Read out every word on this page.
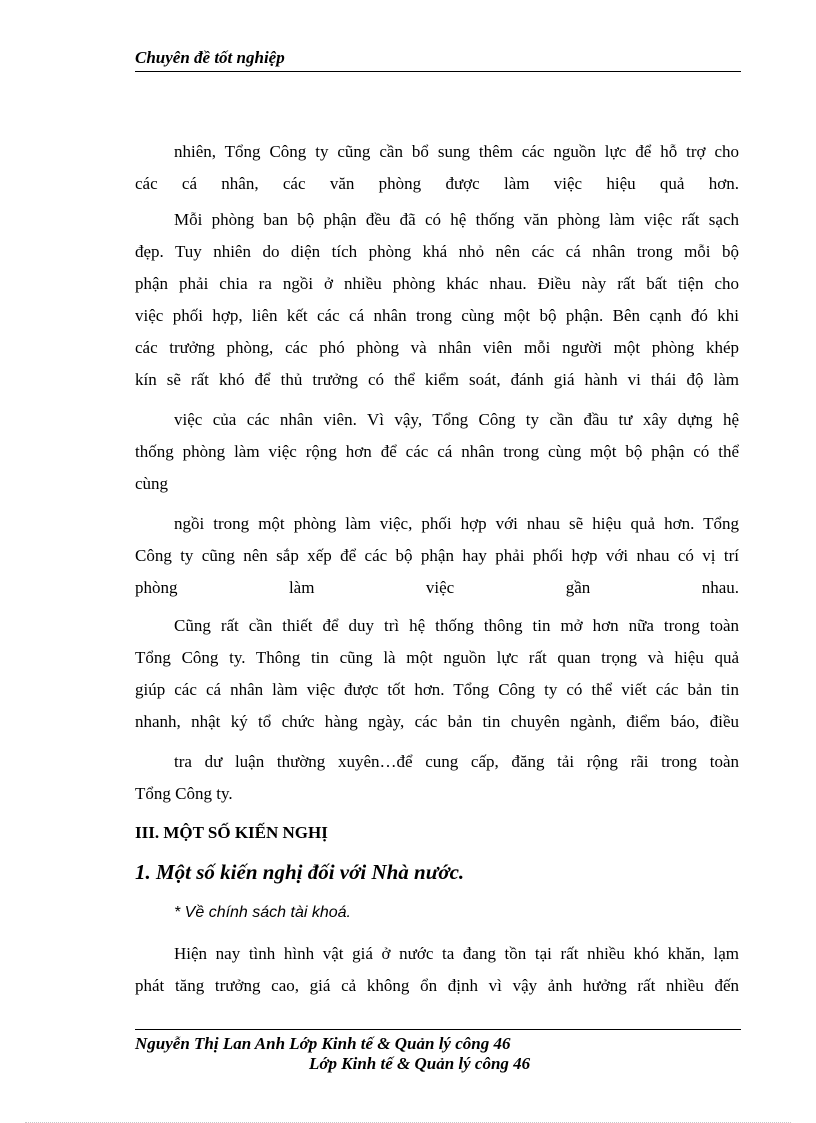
Chuyên đề tốt nghiệp
nhiên, Tổng Công ty cũng cần bổ sung thêm các nguồn lực để hỗ trợ cho
các cá nhân, các văn phòng được làm việc hiệu quả hơn.
Mỗi phòng ban bộ phận đều đã có hệ thống văn phòng làm việc rất sạch
đẹp. Tuy nhiên do diện tích phòng khá nhỏ nên các cá nhân trong mỗi bộ
phận phải chia ra ngồi ở nhiều phòng khác nhau. Điều này rất bất tiện cho
việc phối hợp, liên kết các cá nhân trong cùng một bộ phận. Bên cạnh đó khi
các trưởng phòng, các phó phòng và nhân viên mỗi người một phòng khép
kín sẽ rất khó để thủ trưởng có thể kiểm soát, đánh giá hành vi thái độ làm
việc của các nhân viên. Vì vậy, Tổng Công ty cần đầu tư xây dựng hệ
thống phòng làm việc rộng hơn để các cá nhân trong cùng một bộ phận có thể
cùng
ngồi trong một phòng làm việc, phối hợp với nhau sẽ hiệu quả hơn. Tổng
Công ty cũng nên sắp xếp để các bộ phận hay phải phối hợp với nhau có vị trí
phòng làm việc gần nhau.
Cũng rất cần thiết để duy trì hệ thống thông tin mở hơn nữa trong toàn
Tổng Công ty. Thông tin cũng là một nguồn lực rất quan trọng và hiệu quả
giúp các cá nhân làm việc được tốt hơn. Tổng Công ty có thể viết các bản tin
nhanh, nhật ký tổ chức hàng ngày, các bản tin chuyên ngành, điểm báo, điều
tra dư luận thường xuyên…để cung cấp, đăng tải rộng rãi trong toàn
Tổng Công ty.
III. MỘT SỐ KIẾN NGHỊ
1. Một số kiến nghị đối với Nhà nước.
* Về chính sách tài khoá.
Hiện nay tình hình vật giá ở nước ta đang tồn tại rất nhiều khó khăn, lạm
phát tăng trưởng cao, giá cả không ổn định vì vậy ảnh hưởng rất nhiều đến
Nguyễn Thị Lan Anh Lớp Kinh tế & Quản lý công 46
Lớp Kinh tế & Quản lý công 46
